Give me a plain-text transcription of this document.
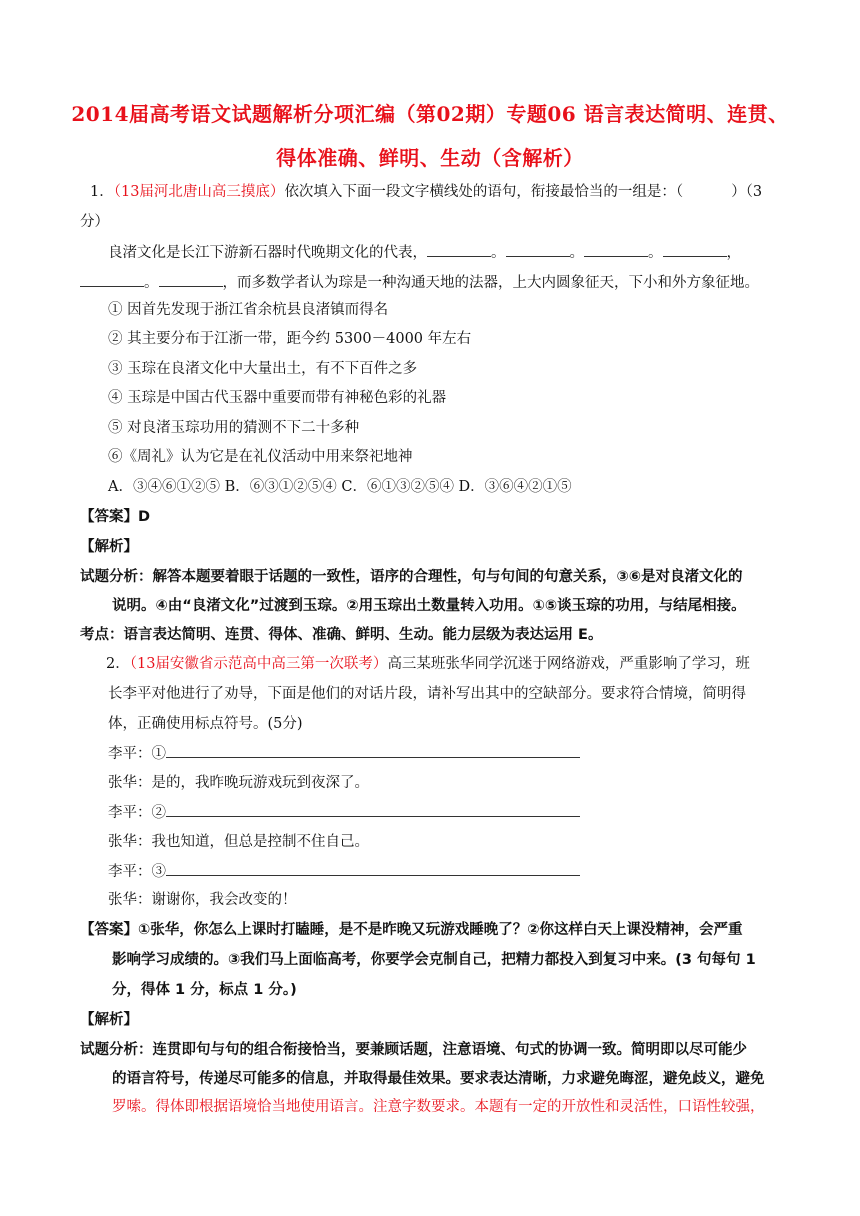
2014届高考语文试题解析分项汇编（第02期）专题06 语言表达简明、连贯、
得体准确、鲜明、生动（含解析）
1．（13届河北唐山高三摸底）依次填入下面一段文字横线处的语句，衔接最恰当的一组是：（	）（3
分）
良渚文化是长江下游新石器时代晚期文化的代表，	。	。	。	，
。	，而多数学者认为琮是一种沟通天地的法器，上大内圆象征天，下小和外方象征地。
① 因首先发现于浙江省余杭县良渚镇而得名
② 其主要分布于江浙一带，距今约 5300－4000 年左右
③ 玉琮在良渚文化中大量出土，有不下百件之多
④ 玉琮是中国古代玉器中重要而带有神秘色彩的礼器
⑤ 对良渚玉琮功用的猜测不下二十多种
⑥《周礼》认为它是在礼仪活动中用来祭祀地神
A．③④⑥①②⑤ B．⑥③①②⑤④ C．⑥①③②⑤④ D．③⑥④②①⑤
【答案】D
【解析】
试题分析：解答本题要着眼于话题的一致性，语序的合理性，句与句间的句意关系，③⑥是对良渚文化的
说明。④由“良渚文化”过渡到玉琮。②用玉琮出土数量转入功用。①⑤谈玉琮的功用，与结尾相接。
考点：语言表达简明、连贯、得体、准确、鲜明、生动。能力层级为表达运用 E。
2．（13届安徽省示范高中高三第一次联考）高三某班张华同学沉迷于网络游戏，严重影响了学习，班
长李平对他进行了劝导，下面是他们的对话片段，请补写出其中的空缺部分。要求符合情境，简明得
体，正确使用标点符号。(5分)
李平：①
张华：是的，我昨晚玩游戏玩到夜深了。
李平：②
张华：我也知道，但总是控制不住自己。
李平：③
张华：谢谢你，我会改变的！
【答案】①张华，你怎么上课时打瞌睡，是不是昨晚又玩游戏睡晚了？②你这样白天上课没精神，会严重
影响学习成绩的。③我们马上面临高考，你要学会克制自己，把精力都投入到复习中来。(3 句每句 1
分，得体 1 分，标点 1 分。)
【解析】
试题分析：连贯即句与句的组合衔接恰当，要兼顾话题，注意语境、句式的协调一致。简明即以尽可能少
的语言符号，传递尽可能多的信息，并取得最佳效果。要求表达清晰，力求避免晦涩，避免歧义，避免
罗嗦。得体即根据语境恰当地使用语言。注意字数要求。本题有一定的开放性和灵活性，口语性较强，
